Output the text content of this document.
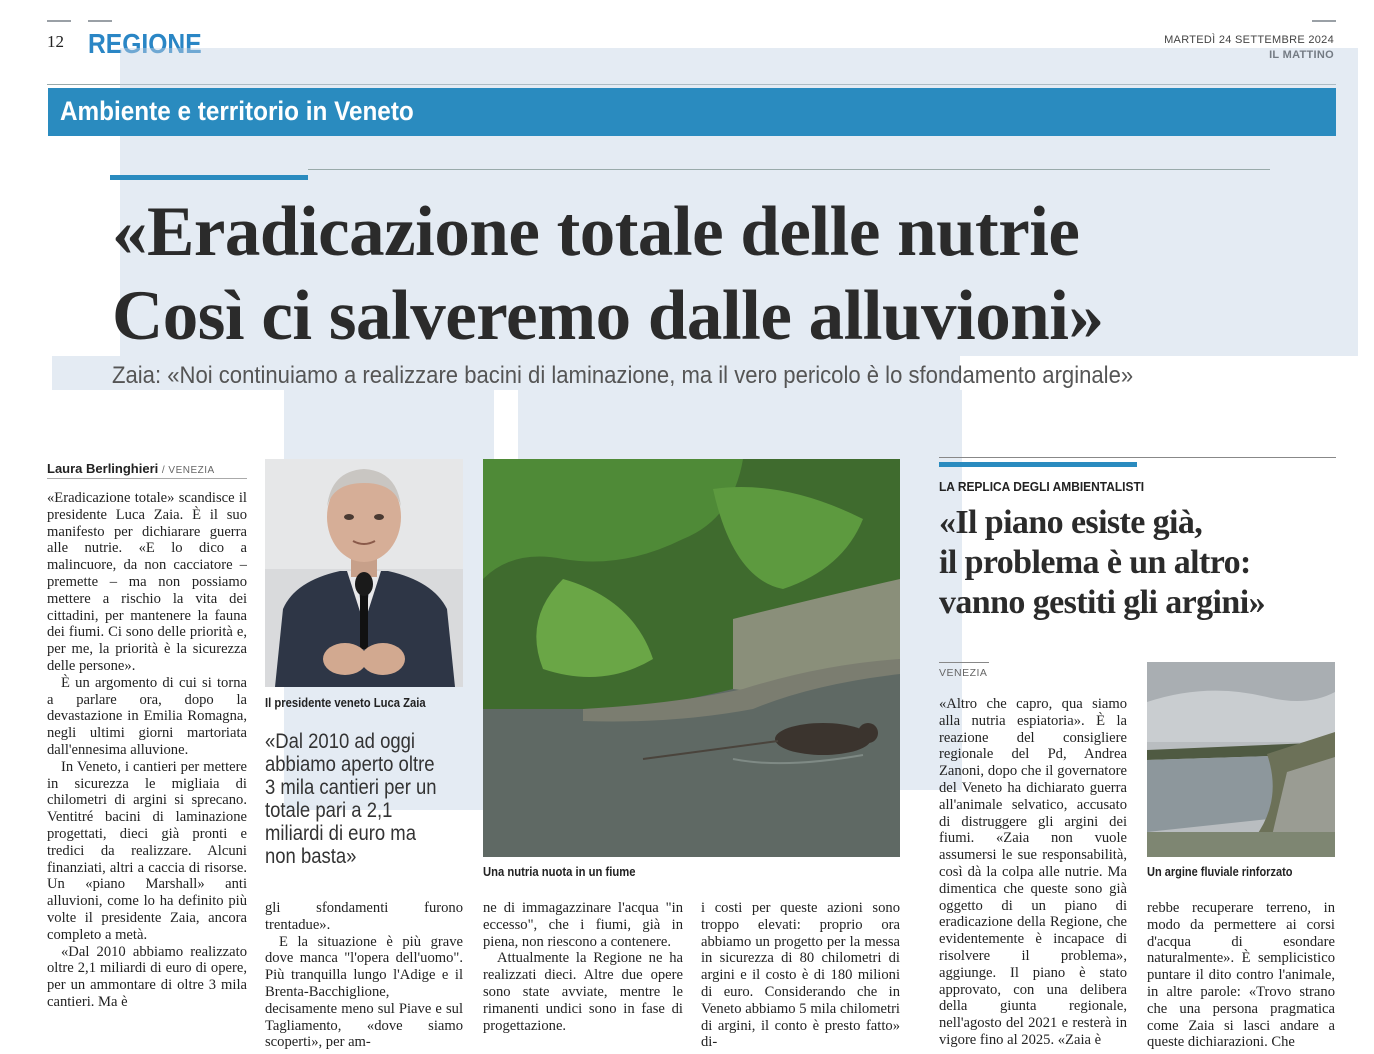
12 REGIONE	MARTEDÌ 24 SETTEMBRE 2024
IL MATTINO
Ambiente e territorio in Veneto
«Eradicazione totale delle nutrie
Così ci salveremo dalle alluvioni»
Zaia: «Noi continuiamo a realizzare bacini di laminazione, ma il vero pericolo è lo sfondamento arginale»
Laura Berlinghieri / VENEZIA

«Eradicazione totale» scandisce il presidente Luca Zaia. È il suo manifesto per dichiarare guerra alle nutrie. «E lo dico a malincuore, da non cacciatore – premette – ma non possiamo mettere a rischio la vita dei cittadini, per mantenere la fauna dei fiumi. Ci sono delle priorità e, per me, la priorità è la sicurezza delle persone».

È un argomento di cui si torna a parlare ora, dopo la devastazione in Emilia Romagna, negli ultimi giorni martoriata dall'ennesima alluvione.

In Veneto, i cantieri per mettere in sicurezza le migliaia di chilometri di argini si sprecano. Ventitré bacini di laminazione progettati, dieci già pronti e tredici da realizzare. Alcuni finanziati, altri a caccia di risorse. Un «piano Marshall» anti alluvioni, come lo ha definito più volte il presidente Zaia, ancora completo a metà.

«Dal 2010 abbiamo realizzato oltre 2,1 miliardi di euro di opere, per un ammontare di oltre 3 mila cantieri. Ma è

Il presidente veneto Luca Zaia
«Dal 2010 ad oggi abbiamo aperto oltre 3 mila cantieri per un totale pari a 2,1 miliardi di euro ma non basta»
Una nutria nuota in un fiume

gli sfondamenti furono trentadue».

E la situazione è più grave dove manca "l'opera dell'uomo". Più tranquilla lungo l'Adige e il Brenta-Bacchiglione, decisamente meno sul Piave e sul Tagliamento, «dove siamo scoperti», per am-

ne di immagazzinare l'acqua "in eccesso", che i fiumi, già in piena, non riescono a contenere.

Attualmente la Regione ne ha realizzati dieci. Altre due opere sono state avviate, mentre le rimanenti undici sono in fase di progettazione.

i costi per queste azioni sono troppo elevati: proprio ora abbiamo un progetto per la messa in sicurezza di 80 chilometri di argini e il costo è di 180 milioni di euro. Considerando che in Veneto abbiamo 5 mila chilometri di argini, il conto è presto fatto» di-

LA REPLICA DEGLI AMBIENTALISTI
«Il piano esiste già,
il problema è un altro:
vanno gestiti gli argini»
VENEZIA

«Altro che capro, qua siamo alla nutria espiatoria». È la reazione del consigliere regionale del Pd, Andrea Zanoni, dopo che il governatore del Veneto ha dichiarato guerra all'animale selvatico, accusato di distruggere gli argini dei fiumi. «Zaia non vuole assumersi le sue responsabilità, così dà la colpa alle nutrie. Ma dimentica che queste sono già oggetto di un piano di eradicazione della Regione, che evidentemente è incapace di risolvere il problema», aggiunge. Il piano è stato approvato, con una delibera della giunta regionale, nell'agosto del 2021 e resterà in vigore fino al 2025. «Zaia è

Un argine fluviale rinforzato

rebbe recuperare terreno, in modo da permettere ai corsi d'acqua di esondare naturalmente». È semplicistico puntare il dito contro l'animale, in altre parole: «Trovo strano che una persona pragmatica come Zaia si lasci andare a queste dichiarazioni. Che
